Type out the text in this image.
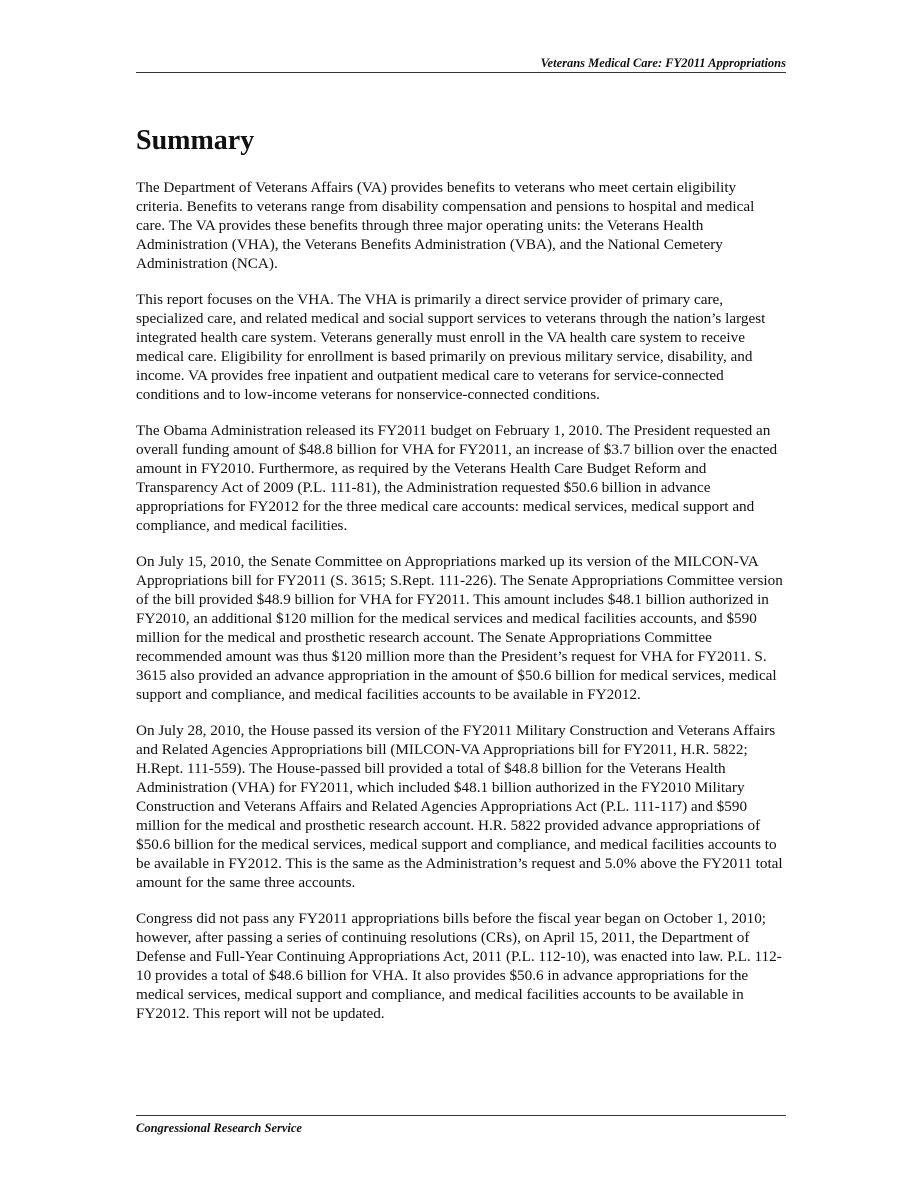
Veterans Medical Care: FY2011 Appropriations
Summary

The Department of Veterans Affairs (VA) provides benefits to veterans who meet certain eligibility criteria. Benefits to veterans range from disability compensation and pensions to hospital and medical care. The VA provides these benefits through three major operating units: the Veterans Health Administration (VHA), the Veterans Benefits Administration (VBA), and the National Cemetery Administration (NCA).

This report focuses on the VHA. The VHA is primarily a direct service provider of primary care, specialized care, and related medical and social support services to veterans through the nation’s largest integrated health care system. Veterans generally must enroll in the VA health care system to receive medical care. Eligibility for enrollment is based primarily on previous military service, disability, and income. VA provides free inpatient and outpatient medical care to veterans for service-connected conditions and to low-income veterans for nonservice-connected conditions.

The Obama Administration released its FY2011 budget on February 1, 2010. The President requested an overall funding amount of $48.8 billion for VHA for FY2011, an increase of $3.7 billion over the enacted amount in FY2010. Furthermore, as required by the Veterans Health Care Budget Reform and Transparency Act of 2009 (P.L. 111-81), the Administration requested $50.6 billion in advance appropriations for FY2012 for the three medical care accounts: medical services, medical support and compliance, and medical facilities.

On July 15, 2010, the Senate Committee on Appropriations marked up its version of the MILCON-VA Appropriations bill for FY2011 (S. 3615; S.Rept. 111-226). The Senate Appropriations Committee version of the bill provided $48.9 billion for VHA for FY2011. This amount includes $48.1 billion authorized in FY2010, an additional $120 million for the medical services and medical facilities accounts, and $590 million for the medical and prosthetic research account. The Senate Appropriations Committee recommended amount was thus $120 million more than the President’s request for VHA for FY2011. S. 3615 also provided an advance appropriation in the amount of $50.6 billion for medical services, medical support and compliance, and medical facilities accounts to be available in FY2012.

On July 28, 2010, the House passed its version of the FY2011 Military Construction and Veterans Affairs and Related Agencies Appropriations bill (MILCON-VA Appropriations bill for FY2011, H.R. 5822; H.Rept. 111-559). The House-passed bill provided a total of $48.8 billion for the Veterans Health Administration (VHA) for FY2011, which included $48.1 billion authorized in the FY2010 Military Construction and Veterans Affairs and Related Agencies Appropriations Act (P.L. 111-117) and $590 million for the medical and prosthetic research account. H.R. 5822 provided advance appropriations of $50.6 billion for the medical services, medical support and compliance, and medical facilities accounts to be available in FY2012. This is the same as the Administration’s request and 5.0% above the FY2011 total amount for the same three accounts.

Congress did not pass any FY2011 appropriations bills before the fiscal year began on October 1, 2010; however, after passing a series of continuing resolutions (CRs), on April 15, 2011, the Department of Defense and Full-Year Continuing Appropriations Act, 2011 (P.L. 112-10), was enacted into law. P.L. 112-10 provides a total of $48.6 billion for VHA. It also provides $50.6 in advance appropriations for the medical services, medical support and compliance, and medical facilities accounts to be available in FY2012. This report will not be updated.

Congressional Research Service
